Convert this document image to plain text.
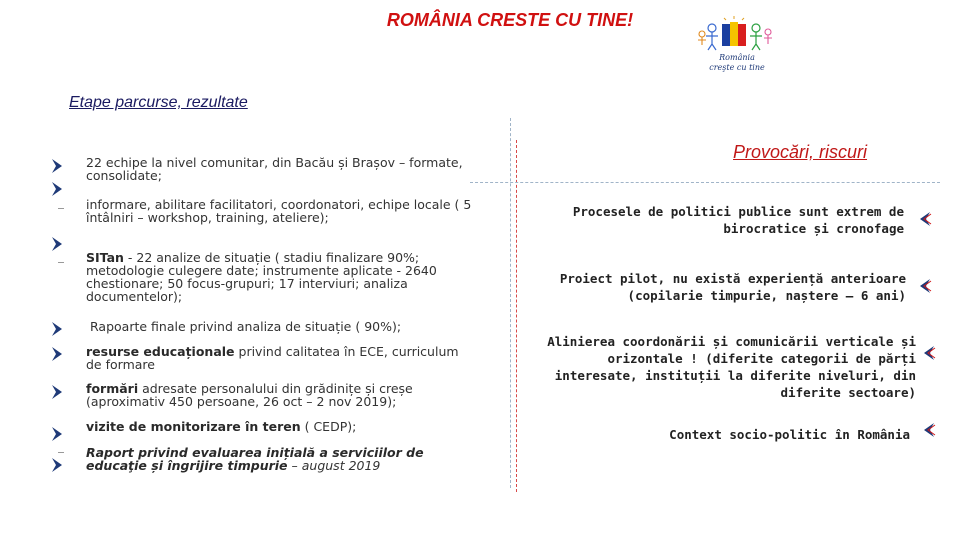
ROMÂNIA CRESTE CU TINE!
România
creşte cu tine
Etape parcurse, rezultate
Provocări, riscuri
22 echipe la nivel comunitar, din Bacău și Brașov – formate, consolidate;
informare, abilitare facilitatori, coordonatori, echipe locale ( 5 întâlniri – workshop, training, ateliere);
SITan - 22 analize de situație ( stadiu finalizare 90%; metodologie culegere date; instrumente aplicate - 2640 chestionare; 50 focus-grupuri; 17 interviuri; analiza documentelor);
Rapoarte finale privind analiza de situație ( 90%);
resurse educaționale privind calitatea în ECE, curriculum de formare
formări adresate personalului din grădinițe și creșe (aproximativ 450 persoane, 26 oct – 2 nov 2019);
vizite de monitorizare în teren ( CEDP);
Raport privind evaluarea inițială a serviciilor de educaţie și îngrijire timpurie – august 2019
Procesele de politici publice sunt extrem de birocratice și cronofage
Proiect pilot, nu există experiență anterioare (copilarie timpurie, naștere – 6 ani)
Alinierea coordonării și comunicării verticale și orizontale ! (diferite categorii de părți interesate, instituții la diferite niveluri, din diferite sectoare)
Context socio-politic în România
